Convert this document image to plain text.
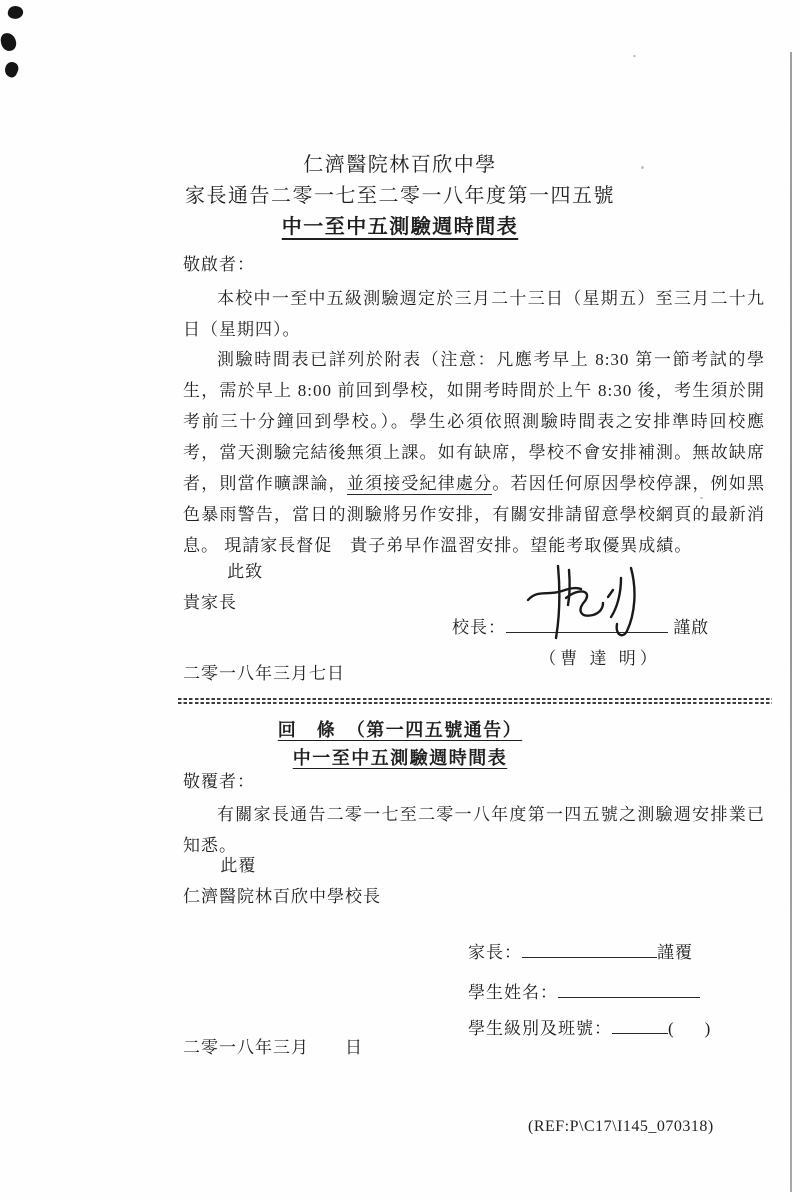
仁濟醫院林百欣中學
家長通告二零一七至二零一八年度第一四五號
中一至中五測驗週時間表
敬啟者：
本校中一至中五級測驗週定於三月二十三日（星期五）至三月二十九日（星期四）。
測驗時間表已詳列於附表（注意：凡應考早上 8:30 第一節考試的學生，需於早上 8:00 前回到學校，如開考時間於上午 8:30 後，考生須於開考前三十分鐘回到學校。）。學生必須依照測驗時間表之安排準時回校應考，當天測驗完結後無須上課。如有缺席，學校不會安排補測。無故缺席者，則當作曠課論，並須接受紀律處分。若因任何原因學校停課，例如黑色暴雨警告，當日的測驗將另作安排，有關安排請留意學校網頁的最新消息。 現請家長督促　貴子弟早作溫習安排。望能考取優異成績。
此致
貴家長
校長：	謹啟
（曹 達 明）
二零一八年三月七日
回　條　（第一四五號通告）
中一至中五測驗週時間表
敬覆者：
有關家長通告二零一七至二零一八年度第一四五號之測驗週安排業已知悉。
此覆
仁濟醫院林百欣中學校長
家長：	謹覆
學生姓名：
學生級別及班號：	( )
二零一八年三月　　日
(REF:P\C17\I145_070318)
